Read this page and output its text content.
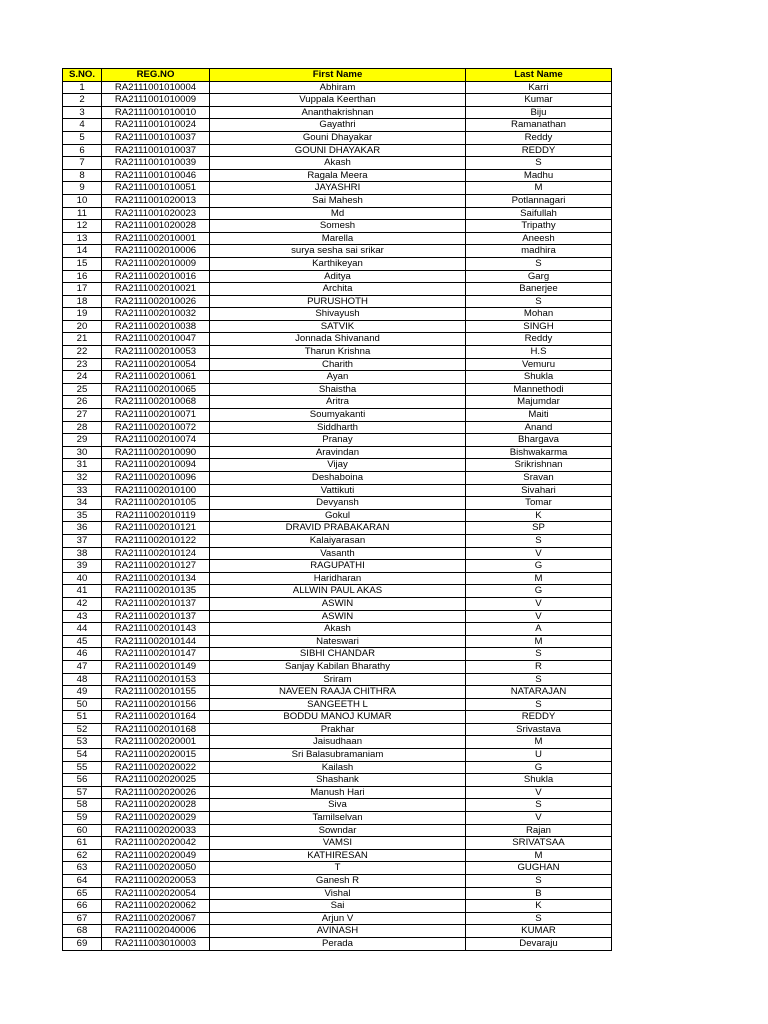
S.NO.	REG.NO	First Name	Last Name
1	RA2111001010004	Abhiram	Karri
2	RA2111001010009	Vuppala Keerthan	Kumar
3	RA2111001010010	Ananthakrishnan	Biju
4	RA2111001010024	Gayathri	Ramanathan
5	RA2111001010037	Gouni Dhayakar	Reddy
6	RA2111001010037	GOUNI DHAYAKAR	REDDY
7	RA2111001010039	Akash	S
8	RA2111001010046	Ragala Meera	Madhu
9	RA2111001010051	JAYASHRI	M
10	RA2111001020013	Sai Mahesh	Potlannagari
11	RA2111001020023	Md	Saifullah
12	RA2111001020028	Somesh	Tripathy
13	RA2111002010001	Marella	Aneesh
14	RA2111002010006	surya sesha sai srikar	madhira
15	RA2111002010009	Karthikeyan	S
16	RA2111002010016	Aditya	Garg
17	RA2111002010021	Archita	Banerjee
18	RA2111002010026	PURUSHOTH	S
19	RA2111002010032	Shivayush	Mohan
20	RA2111002010038	SATVIK	SINGH
21	RA2111002010047	Jonnada Shivanand	Reddy
22	RA2111002010053	Tharun Krishna	H.S
23	RA2111002010054	Charith	Vemuru
24	RA2111002010061	Ayan	Shukla
25	RA2111002010065	Shaistha	Mannethodi
26	RA2111002010068	Aritra	Majumdar
27	RA2111002010071	Soumyakanti	Maiti
28	RA2111002010072	Siddharth	Anand
29	RA2111002010074	Pranay	Bhargava
30	RA2111002010090	Aravindan	Bishwakarma
31	RA2111002010094	Vijay	Srikrishnan
32	RA2111002010096	Deshaboina	Sravan
33	RA2111002010100	Vattikuti	Sivahari
34	RA2111002010105	Devyansh	Tomar
35	RA2111002010119	Gokul	K
36	RA2111002010121	DRAVID PRABAKARAN	SP
37	RA2111002010122	Kalaiyarasan	S
38	RA2111002010124	Vasanth	V
39	RA2111002010127	RAGUPATHI	G
40	RA2111002010134	Haridharan	M
41	RA2111002010135	ALLWIN PAUL AKAS	G
42	RA2111002010137	ASWIN	V
43	RA2111002010137	ASWIN	V
44	RA2111002010143	Akash	A
45	RA2111002010144	Nateswari	M
46	RA2111002010147	SIBHI CHANDAR	S
47	RA2111002010149	Sanjay Kabilan Bharathy	R
48	RA2111002010153	Sriram	S
49	RA2111002010155	NAVEEN RAAJA CHITHRA	NATARAJAN
50	RA2111002010156	SANGEETH L	S
51	RA2111002010164	BODDU MANOJ KUMAR	REDDY
52	RA2111002010168	Prakhar	Srivastava
53	RA2111002020001	Jaisudhaan	M
54	RA2111002020015	Sri Balasubramaniam	U
55	RA2111002020022	Kailash	G
56	RA2111002020025	Shashank	Shukla
57	RA2111002020026	Manush Hari	V
58	RA2111002020028	Siva	S
59	RA2111002020029	Tamilselvan	V
60	RA2111002020033	Sowndar	Rajan
61	RA2111002020042	VAMSI	SRIVATSAA
62	RA2111002020049	KATHIRESAN	M
63	RA2111002020050	T	GUGHAN
64	RA2111002020053	Ganesh R	S
65	RA2111002020054	Vishal	B
66	RA2111002020062	Sai	K
67	RA2111002020067	Arjun V	S
68	RA2111002040006	AVINASH	KUMAR
69	RA2111003010003	Perada	Devaraju
